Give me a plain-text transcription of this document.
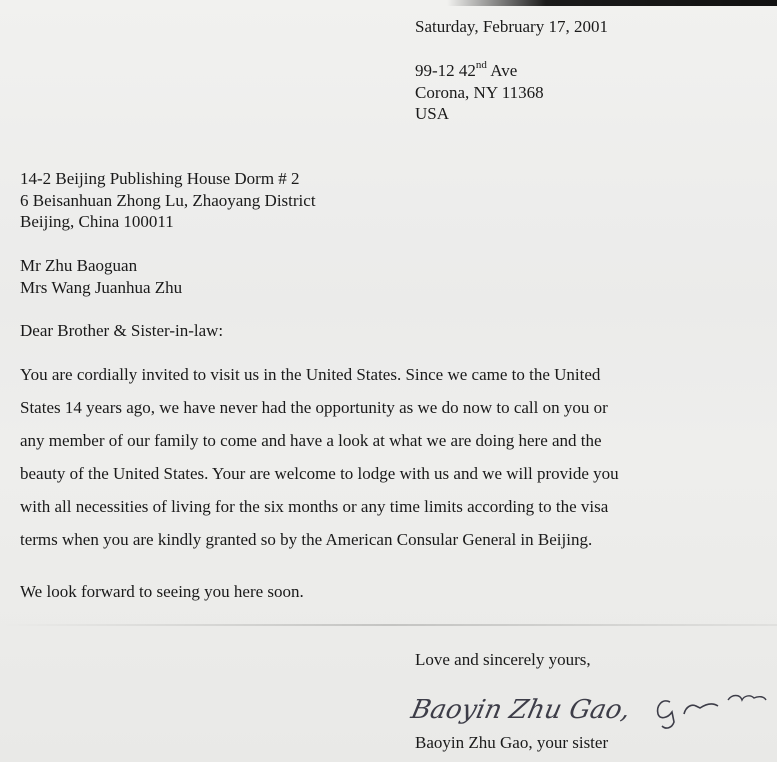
Saturday, February 17, 2001
99-12 42nd Ave
Corona, NY 11368
USA
14-2 Beijing Publishing House Dorm # 2
6 Beisanhuan Zhong Lu, Zhaoyang District
Beijing, China 100011
Mr Zhu Baoguan
Mrs Wang Juanhua Zhu
Dear Brother & Sister-in-law:

You are cordially invited to visit us in the United States. Since we came to the United

States 14 years ago, we have never had the opportunity as we do now to call on you or

any member of our family to come and have a look at what we are doing here and the

beauty of the United States. Your are welcome to lodge with us and we will provide you

with all necessities of living for the six months or any time limits according to the visa

terms when you are kindly granted so by the American Consular General in Beijing.

We look forward to seeing you here soon.
Love and sincerely yours,
Baoyin Zhu Gao,
Baoyin Zhu Gao, your sister
